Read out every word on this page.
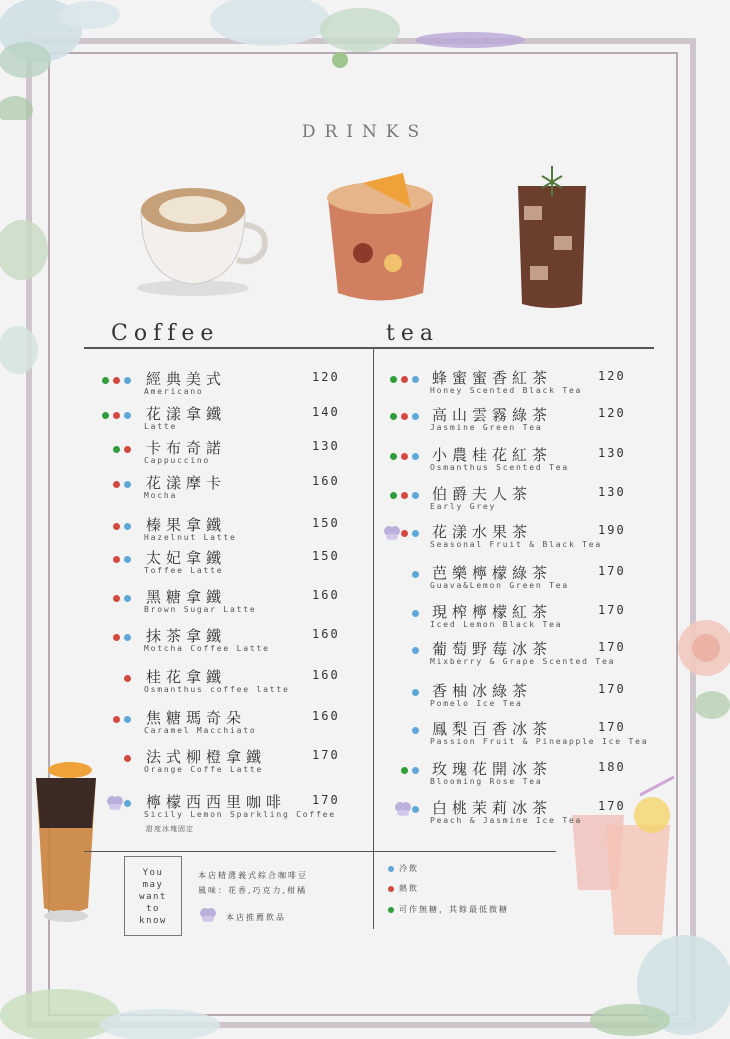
DRINKS
Coffee	tea
經典美式
Americano
120
花漾拿鐵
Latte
140
卡布奇諾
Cappuccino
130
花漾摩卡
Mocha
160
榛果拿鐵
Hazelnut Latte
150
太妃拿鐵
Toffee Latte
150
黑糖拿鐵
Brown Sugar Latte
160
抹茶拿鐵
Motcha Coffee Latte
160
桂花拿鐵
Osmanthus coffee latte
160
焦糖瑪奇朵
Caramel Macchiato
160
法式柳橙拿鐵
Orange Coffe Latte
170
檸檬西西里咖啡
Sicily Lemon Sparkling Coffee
170
甜度冰塊固定
蜂蜜蜜香紅茶
Honey Scented Black Tea
120
高山雲霧綠茶
Jasmine Green Tea
120
小農桂花紅茶
Osmanthus Scented Tea
130
伯爵夫人茶
Early Grey
130
花漾水果茶
Seasonal Fruit & Black Tea
190
芭樂檸檬綠茶
Guava&Lemon Green Tea
170
現榨檸檬紅茶
Iced Lemon Black Tea
170
葡萄野莓冰茶
Mixberry & Grape Scented Tea
170
香柚冰綠茶
Pomelo Ice Tea
170
鳳梨百香冰茶
Passion Fruit & Pineapple Ice Tea
170
玫瑰花開冰茶
Blooming Rose Tea
180
白桃茉莉冰茶
Peach & Jasmine Ice Tea
170
You
may
want
to
know
本店精選義式綜合咖啡豆
風味：花香,巧克力,柑橘
本店推薦飲品
冷飲
熱飲
可作無糖，其餘最低微糖
